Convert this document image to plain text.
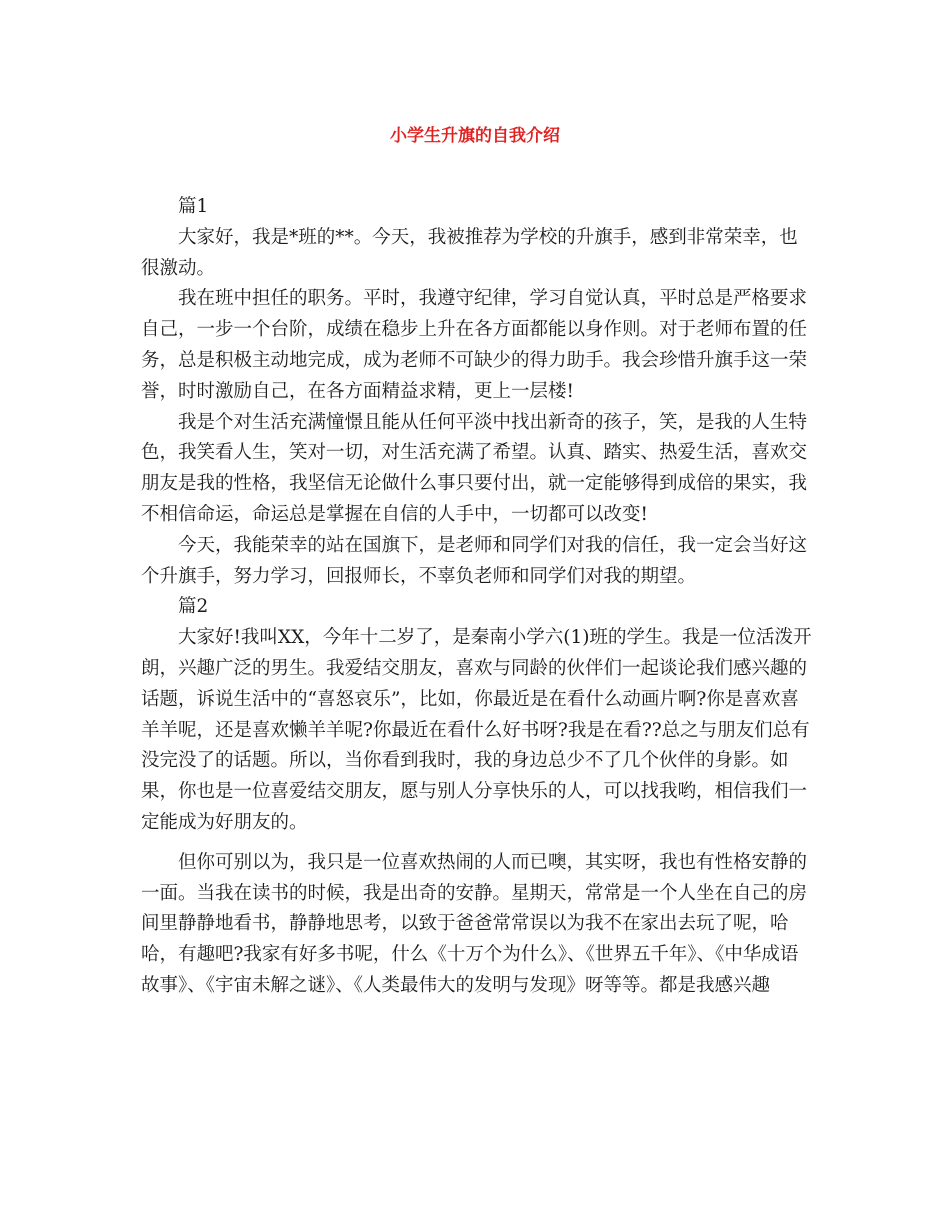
小学生升旗的自我介绍

篇1

大家好，我是*班的**。今天，我被推荐为学校的升旗手，感到非常荣幸，也很激动。

我在班中担任的职务。平时，我遵守纪律，学习自觉认真，平时总是严格要求自己，一步一个台阶，成绩在稳步上升在各方面都能以身作则。对于老师布置的任务，总是积极主动地完成，成为老师不可缺少的得力助手。我会珍惜升旗手这一荣誉，时时激励自己，在各方面精益求精，更上一层楼!

我是个对生活充满憧憬且能从任何平淡中找出新奇的孩子，笑，是我的人生特色，我笑看人生，笑对一切，对生活充满了希望。认真、踏实、热爱生活，喜欢交朋友是我的性格，我坚信无论做什么事只要付出，就一定能够得到成倍的果实，我不相信命运，命运总是掌握在自信的人手中，一切都可以改变!

今天，我能荣幸的站在国旗下，是老师和同学们对我的信任，我一定会当好这个升旗手，努力学习，回报师长，不辜负老师和同学们对我的期望。

篇2

大家好!我叫XX，今年十二岁了，是秦南小学六(1)班的学生。我是一位活泼开朗，兴趣广泛的男生。我爱结交朋友，喜欢与同龄的伙伴们一起谈论我们感兴趣的话题，诉说生活中的“喜怒哀乐”，比如，你最近是在看什么动画片啊?你是喜欢喜羊羊呢，还是喜欢懒羊羊呢?你最近在看什么好书呀?我是在看??总之与朋友们总有没完没了的话题。所以，当你看到我时，我的身边总少不了几个伙伴的身影。如果，你也是一位喜爱结交朋友，愿与别人分享快乐的人，可以找我哟，相信我们一定能成为好朋友的。

但你可别以为，我只是一位喜欢热闹的人而已噢，其实呀，我也有性格安静的一面。当我在读书的时候，我是出奇的安静。星期天，常常是一个人坐在自己的房间里静静地看书，静静地思考，以致于爸爸常常误以为我不在家出去玩了呢，哈哈，有趣吧?我家有好多书呢，什么《十万个为什么》、《世界五千年》、《中华成语故事》、《宇宙未解之谜》、《人类最伟大的发明与发现》呀等等。都是我感兴趣
